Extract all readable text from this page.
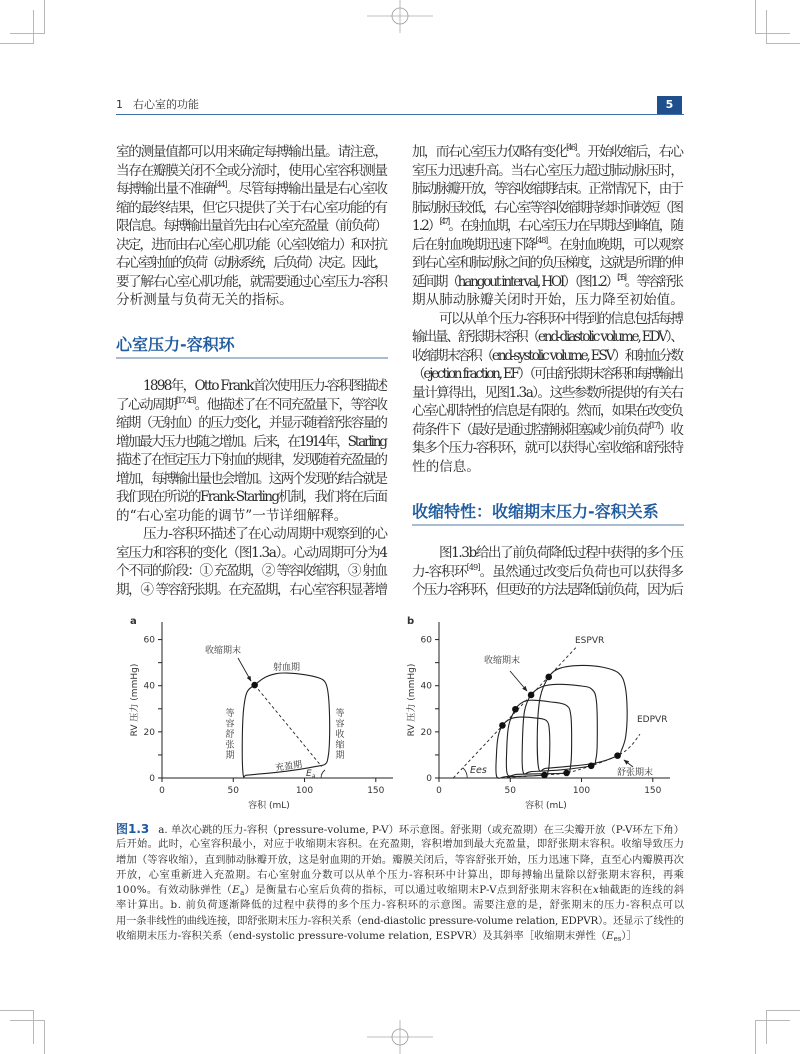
1 右心室的功能	5
室的测量值都可以用来确定每搏输出量。请注意，
当存在瓣膜关闭不全或分流时，使用心室容积测量
每搏输出量不准确[44]。尽管每搏输出量是右心室收
缩的最终结果，但它只提供了关于右心室功能的有
限信息。每搏输出量首先由右心室充盈量（前负荷）
决定，进而由右心室心肌功能（心室收缩力）和对抗
右心室射血的负荷（动脉系统，后负荷）决定。因此，
要了解右心室心肌功能，就需要通过心室压力-容积
分析测量与负荷无关的指标。
心室压力-容积环
1898年，Otto Frank首次使用压力-容积图描述
了心动周期[17, 45]。他描述了在不同充盈量下，等容收
缩期（无射血）的压力变化，并显示随着舒张容量的
增加最大压力也随之增加。后来，在1914年，Starling
描述了在恒定压力下射血的规律，发现随着充盈量的
增加，每搏输出量也会增加。这两个发现的结合就是
我们现在所说的Frank-Starling机制，我们将在后面
的“右心室功能的调节”一节详细解释。
压力-容积环描述了在心动周期中观察到的心
室压力和容积的变化（图1.3a）。心动周期可分为4
个不同的阶段：① 充盈期，② 等容收缩期，③ 射血
期，④ 等容舒张期。在充盈期，右心室容积显著增
加，而右心室压力仅略有变化[46]。开始收缩后，右心
室压力迅速升高。当右心室压力超过肺动脉压时，
肺动脉瓣开放，等容收缩期结束。正常情况下，由于
肺动脉压较低，右心室等容收缩期持续时间较短（图
1.2）[47]。在射血期，右心室压力在早期达到峰值，随
后在射血晚期迅速下降[48]。在射血晚期，可以观察
到右心室和肺动脉之间的负压梯度，这就是所谓的伸
延间期（hangout interval, HOI）（图1.2）[35]。等容舒张
期从肺动脉瓣关闭时开始，压力降至初始值。
可以从单个压力-容积环中得到的信息包括每搏
输出量、舒张期末容积（end-diastolic volume, EDV）、
收缩期末容积（end-systolic volume, ESV）和射血分数
（ejection fraction, EF）（可由舒张期末容积和每搏输出
量计算得出，见图1.3a）。这些参数所提供的有关右
心室心肌特性的信息是有限的。然而，如果在改变负
荷条件下（最好是通过腔静脉阻塞减少前负荷[17]）收
集多个压力-容积环，就可以获得心室收缩和舒张特
性的信息。
收缩特性：收缩期末压力-容积关系
图1.3b给出了前负荷降低过程中获得的多个压
力-容积环[49]。虽然通过改变后负荷也可以获得多
个压力-容积环，但更好的方法是降低前负荷，因为后
0	50	100	150
0
20
40
60
容积 (mL)
RV 压力 (mmHg)
a
0	50	100	150
0
20
40
60
容积 (mL)
RV 压力 (mmHg)
b
收缩期末
射血期
等容舒张期
等容收缩期
充盈期
$E_a$
ESPVR
收缩期末
EDPVR
舒张期末
Ees
图1.3 a. 单次心跳的压力-容积（pressure-volume, P-V）环示意图。舒张期（或充盈期）在三尖瓣开放（P-V环左下角）
后开始。此时，心室容积最小，对应于收缩期末容积。在充盈期，容积增加到最大充盈量，即舒张期末容积。收缩导致压力
增加（等容收缩），直到肺动脉瓣开放，这是射血期的开始。瓣膜关闭后，等容舒张开始，压力迅速下降，直至心内瓣膜再次
开放，心室重新进入充盈期。右心室射血分数可以从单个压力-容积环中计算出，即每搏输出量除以舒张期末容积，再乘
100%。有效动脉弹性$(E_a)$是衡量右心室后负荷的指标，可以通过收缩期末P-V点到舒张期末容积在x轴截距的连线的斜
率计算出。b. 前负荷逐渐降低的过程中获得的多个压力-容积环的示意图。需要注意的是，舒张期末的压力-容积点可以
用一条非线性的曲线连接，即舒张期末压力-容积关系（end-diastolic pressure-volume relation, EDPVR）。还显示了线性的
收缩期末压力-容积关系（end-systolic pressure-volume relation, ESPVR）及其斜率［收缩期末弹性$(E_{es})]$
